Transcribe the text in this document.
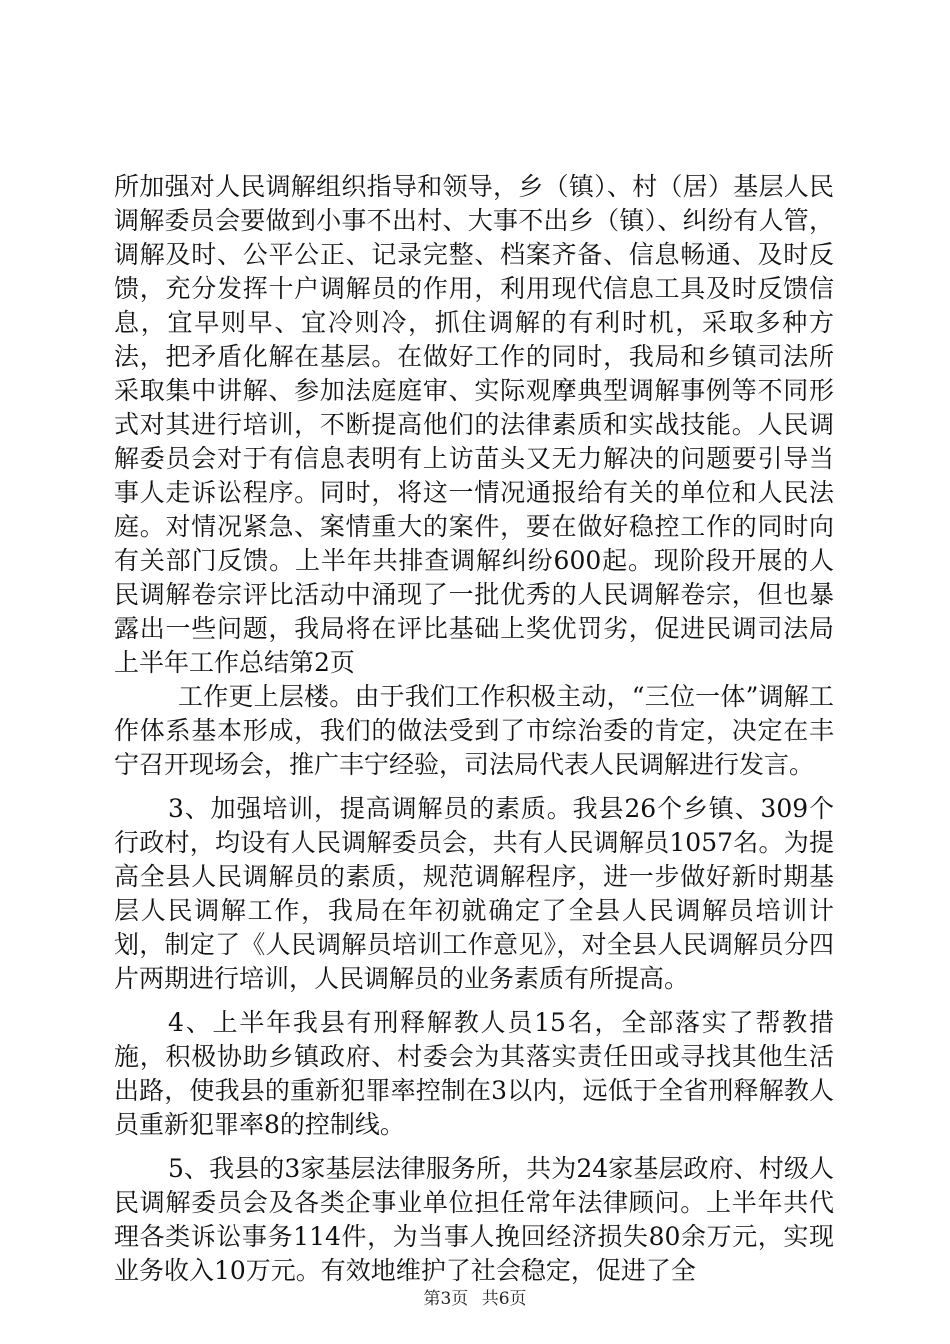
所加强对人民调解组织指导和领导，乡（镇）、村（居）基层人民调解委员会要做到小事不出村、大事不出乡（镇）、纠纷有人管，调解及时、公平公正、记录完整、档案齐备、信息畅通、及时反馈，充分发挥十户调解员的作用，利用现代信息工具及时反馈信息，宜早则早、宜冷则冷，抓住调解的有利时机，采取多种方法，把矛盾化解在基层。在做好工作的同时，我局和乡镇司法所采取集中讲解、参加法庭庭审、实际观摩典型调解事例等不同形式对其进行培训，不断提高他们的法律素质和实战技能。人民调解委员会对于有信息表明有上访苗头又无力解决的问题要引导当事人走诉讼程序。同时，将这一情况通报给有关的单位和人民法庭。对情况紧急、案情重大的案件，要在做好稳控工作的同时向有关部门反馈。上半年共排查调解纠纷600起。现阶段开展的人民调解卷宗评比活动中涌现了一批优秀的人民调解卷宗，但也暴露出一些问题，我局将在评比基础上奖优罚劣，促进民调司法局上半年工作总结第2页

工作更上层楼。由于我们工作积极主动，“三位一体”调解工作体系基本形成，我们的做法受到了市综治委的肯定，决定在丰宁召开现场会，推广丰宁经验，司法局代表人民调解进行发言。

3、加强培训，提高调解员的素质。我县26个乡镇、309个行政村，均设有人民调解委员会，共有人民调解员1057名。为提高全县人民调解员的素质，规范调解程序，进一步做好新时期基层人民调解工作，我局在年初就确定了全县人民调解员培训计划，制定了《人民调解员培训工作意见》，对全县人民调解员分四片两期进行培训，人民调解员的业务素质有所提高。

4、上半年我县有刑释解教人员15名，全部落实了帮教措施，积极协助乡镇政府、村委会为其落实责任田或寻找其他生活出路，使我县的重新犯罪率控制在3以内，远低于全省刑释解教人员重新犯罪率8的控制线。

5、我县的3家基层法律服务所，共为24家基层政府、村级人民调解委员会及各类企事业单位担任常年法律顾问。上半年共代理各类诉讼事务114件，为当事人挽回经济损失80余万元，实现业务收入10万元。有效地维护了社会稳定，促进了全

第3页 共6页
